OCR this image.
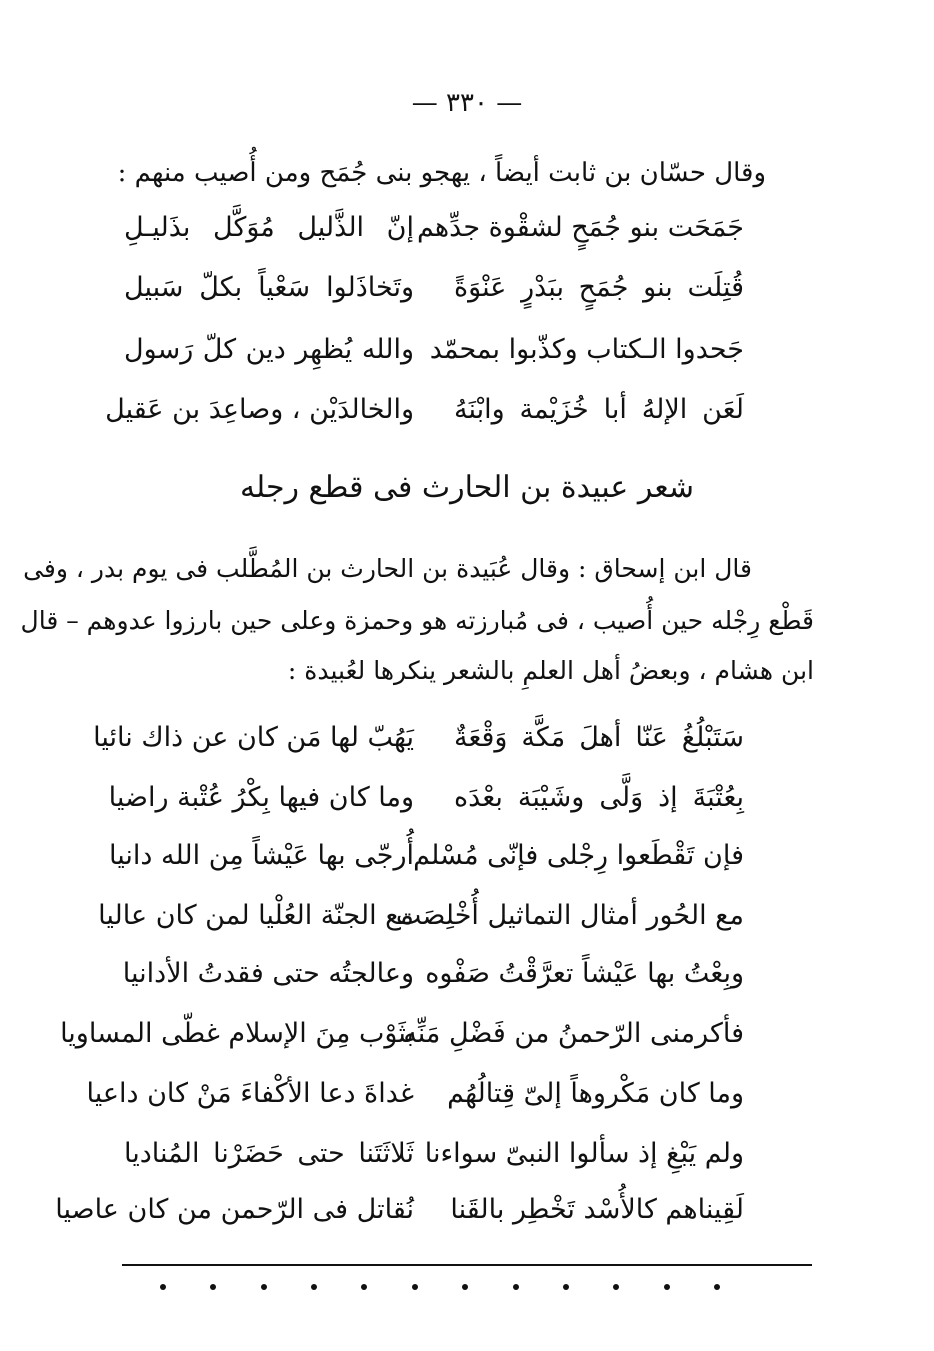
— ٣٣٠ —
وقال حسّان بن ثابت أيضاً ، يهجو بنى جُمَح ومن أُصيب منهم :
جَمَحَت بنو جُمَحٍ لشقْوة جدِّهم
إنّ الذَّليل مُوَكَّل بذَليـلِ
قُتِلَت بنو جُمَحٍ ببَدْرٍ عَنْوَةً
وتَخاذَلوا سَعْياً بكلّ سَبيل
جَحدوا الـكتاب وكذّبوا بمحمّد
والله يُظهِر دين كلّ رَسول
لَعَن الإلهُ أبا خُزَيْمة وابْنَهُ
والخالدَيْن ، وصاعِدَ بن عَقيل
شعر عبيدة بن الحارث فى قطع رجله
قال ابن إسحاق : وقال عُبَيدة بن الحارث بن المُطَّلب فى يوم بدر ، وفى
قَطْع رِجْله حين أُصيب ، فى مُبارزته هو وحمزة وعلى حين بارزوا عدوهم – قال
ابن هشام ، وبعضُ أهل العلمِ بالشعر ينكرها لعُبيدة :
سَتَبْلُغُ عَنّا أهلَ مَكَّة وَقْعَةٌ
يَهُبّ لها مَن كان عن ذاك نائيا
بِعُتْبَةَ إذ وَلَّى وشَيْبَة بعْدَه
وما كان فيها بِكْرُ عُتْبة راضيا
فإن تَقْطَعوا رِجْلى فإنّى مُسْلم
أُرجّى بها عَيْشاً مِن الله دانيا
مع الحُور أمثال التماثيل أُخْلِصَت
مع الجنّة العُلْيا لمن كان عاليا
وبِعْتُ بها عَيْشاً تعرَّقْتُ صَفْوه
وعالجتُه حتى فقدتُ الأدانيا
فأكرمنى الرّحمنُ من فَضْلِ مَنِّه
بثَوْب مِنَ الإسلام غطّى المساويا
وما كان مَكْروهاً إلىّ قِتالُهُم
غداةَ دعا الأكْفاءَ مَنْ كان داعيا
ولم يَبْغِ إذ سألوا النبىّ سواءنا
ثَلاثَتَنا حتى حَضَرْنا المُناديا
لَقِيناهم كالأُسْد تَخْطِر بالقَنا
نُقاتل فى الرّحمن من كان عاصيا
